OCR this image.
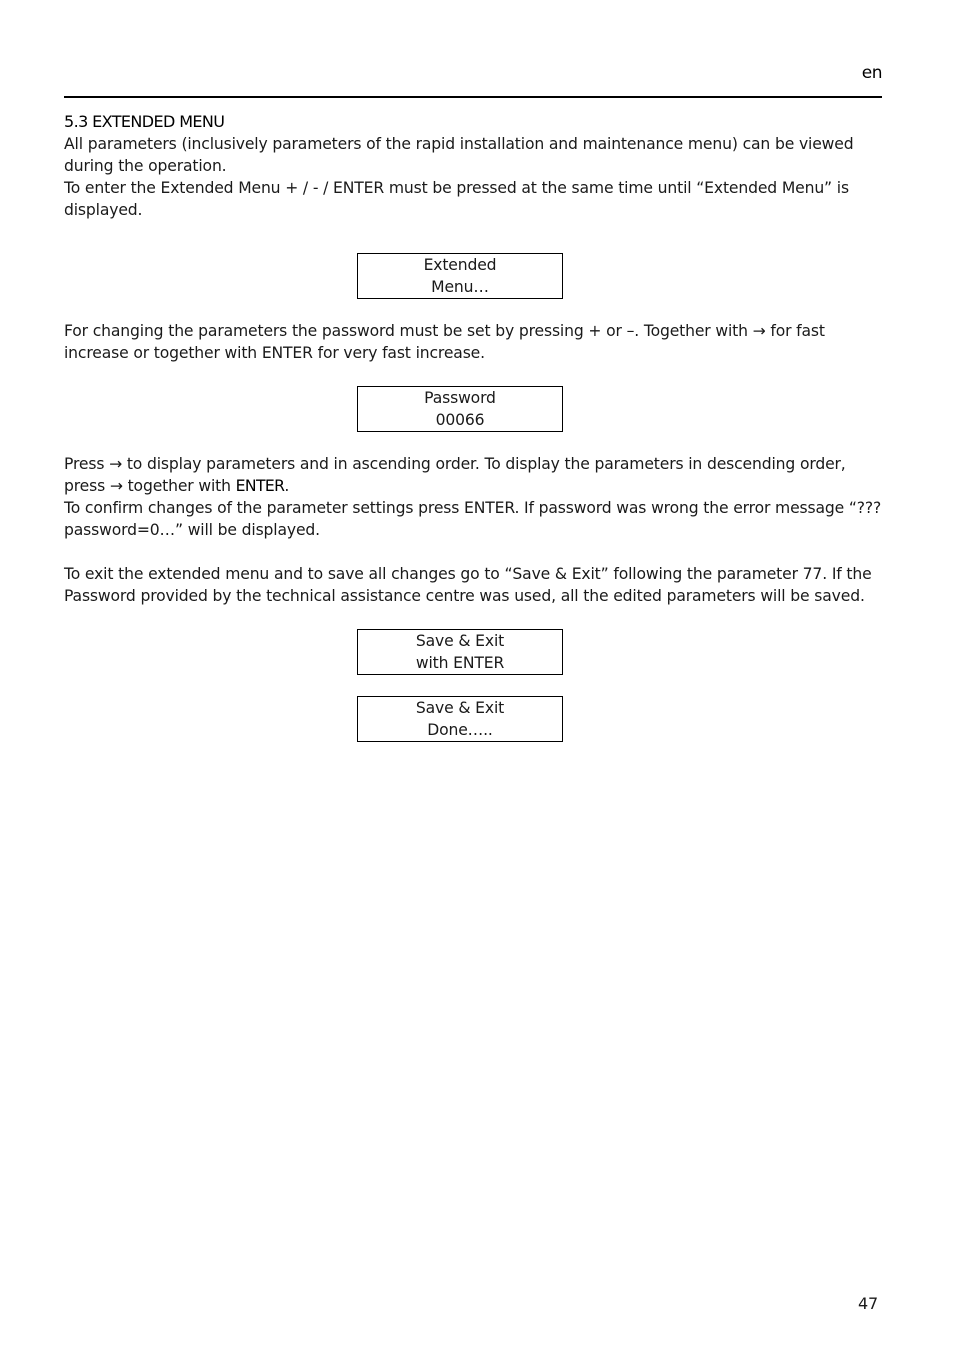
en
5.3 EXTENDED MENU

All parameters (inclusively parameters of the rapid installation and maintenance menu) can be viewed during the operation.

To enter the Extended Menu + / - / ENTER must be pressed at the same time until “Extended Menu” is displayed.

Extended
Menu…

For changing the parameters the password must be set by pressing + or –. Together with → for fast increase or together with ENTER for very fast increase.

Password
00066

Press → to display parameters and in ascending order. To display the parameters in descending order, press → together with ENTER.

To confirm changes of the parameter settings press ENTER. If password was wrong the error message “???password=0…” will be displayed.

To exit the extended menu and to save all changes go to “Save & Exit” following the parameter 77. If the Password provided by the technical assistance centre was used, all the edited parameters will be saved.

Save & Exit
with ENTER
Save & Exit
Done…..
47
